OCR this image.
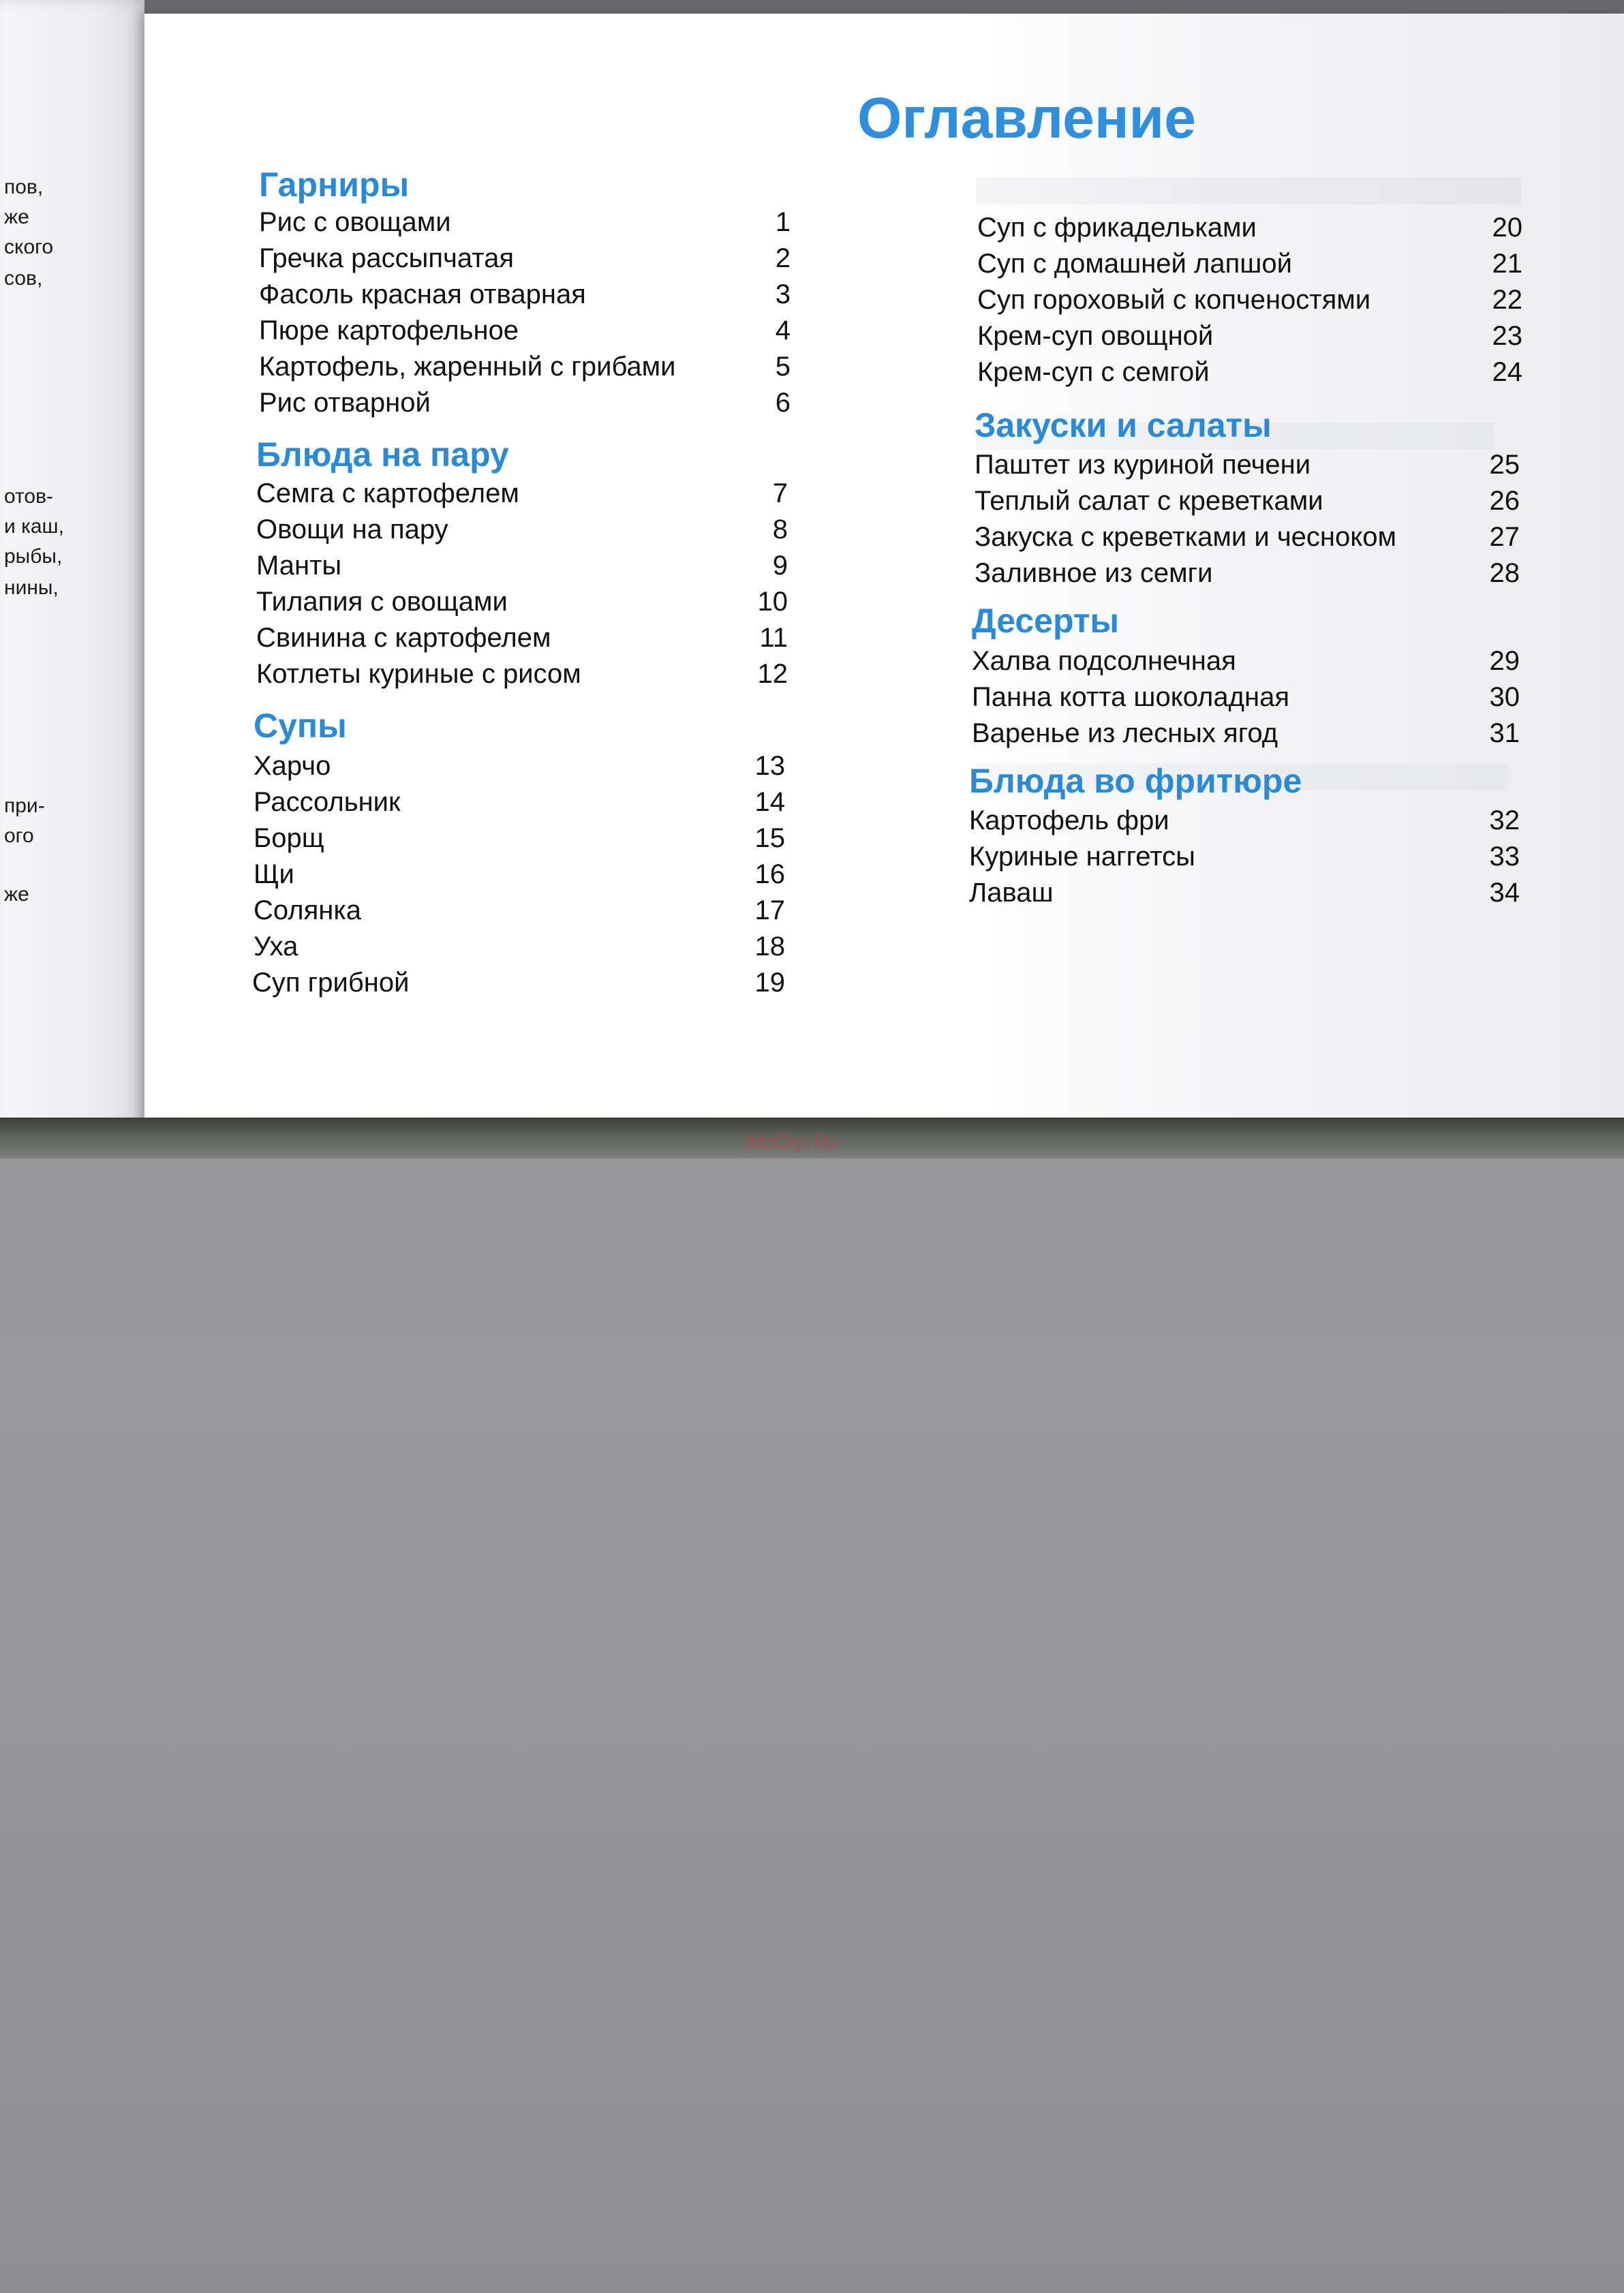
пов,
же
ского
сов,
отов-
и каш,
рыбы,
нины,
при-
ого
же
Оглавление
Гарниры
Рис с овощами	1
Гречка рассыпчатая	2
Фасоль красная отварная	3
Пюре картофельное	4
Картофель, жаренный с грибами	5
Рис отварной	6
Блюда на пару
Семга с картофелем	7
Овощи на пару	8
Манты	9
Тилапия с овощами	10
Свинина с картофелем	11
Котлеты куриные с рисом	12
Супы
Харчо	13
Рассольник	14
Борщ	15
Щи	16
Солянка	17
Уха	18
Суп грибной	19
Суп с фрикадельками	20
Суп с домашней лапшой	21
Суп гороховый с копченостями	22
Крем-суп овощной	23
Крем-суп с семгой	24
Закуски и салаты
Паштет из куриной печени	25
Теплый салат с креветками	26
Закуска с креветками и чесноком	27
Заливное из семги	28
Десерты
Халва подсолнечная	29
Панна котта шоколадная	30
Варенье из лесных ягод	31
Блюда во фритюре
Картофель фри	32
Куриные наггетсы	33
Лаваш	34
McGrp.Ru
